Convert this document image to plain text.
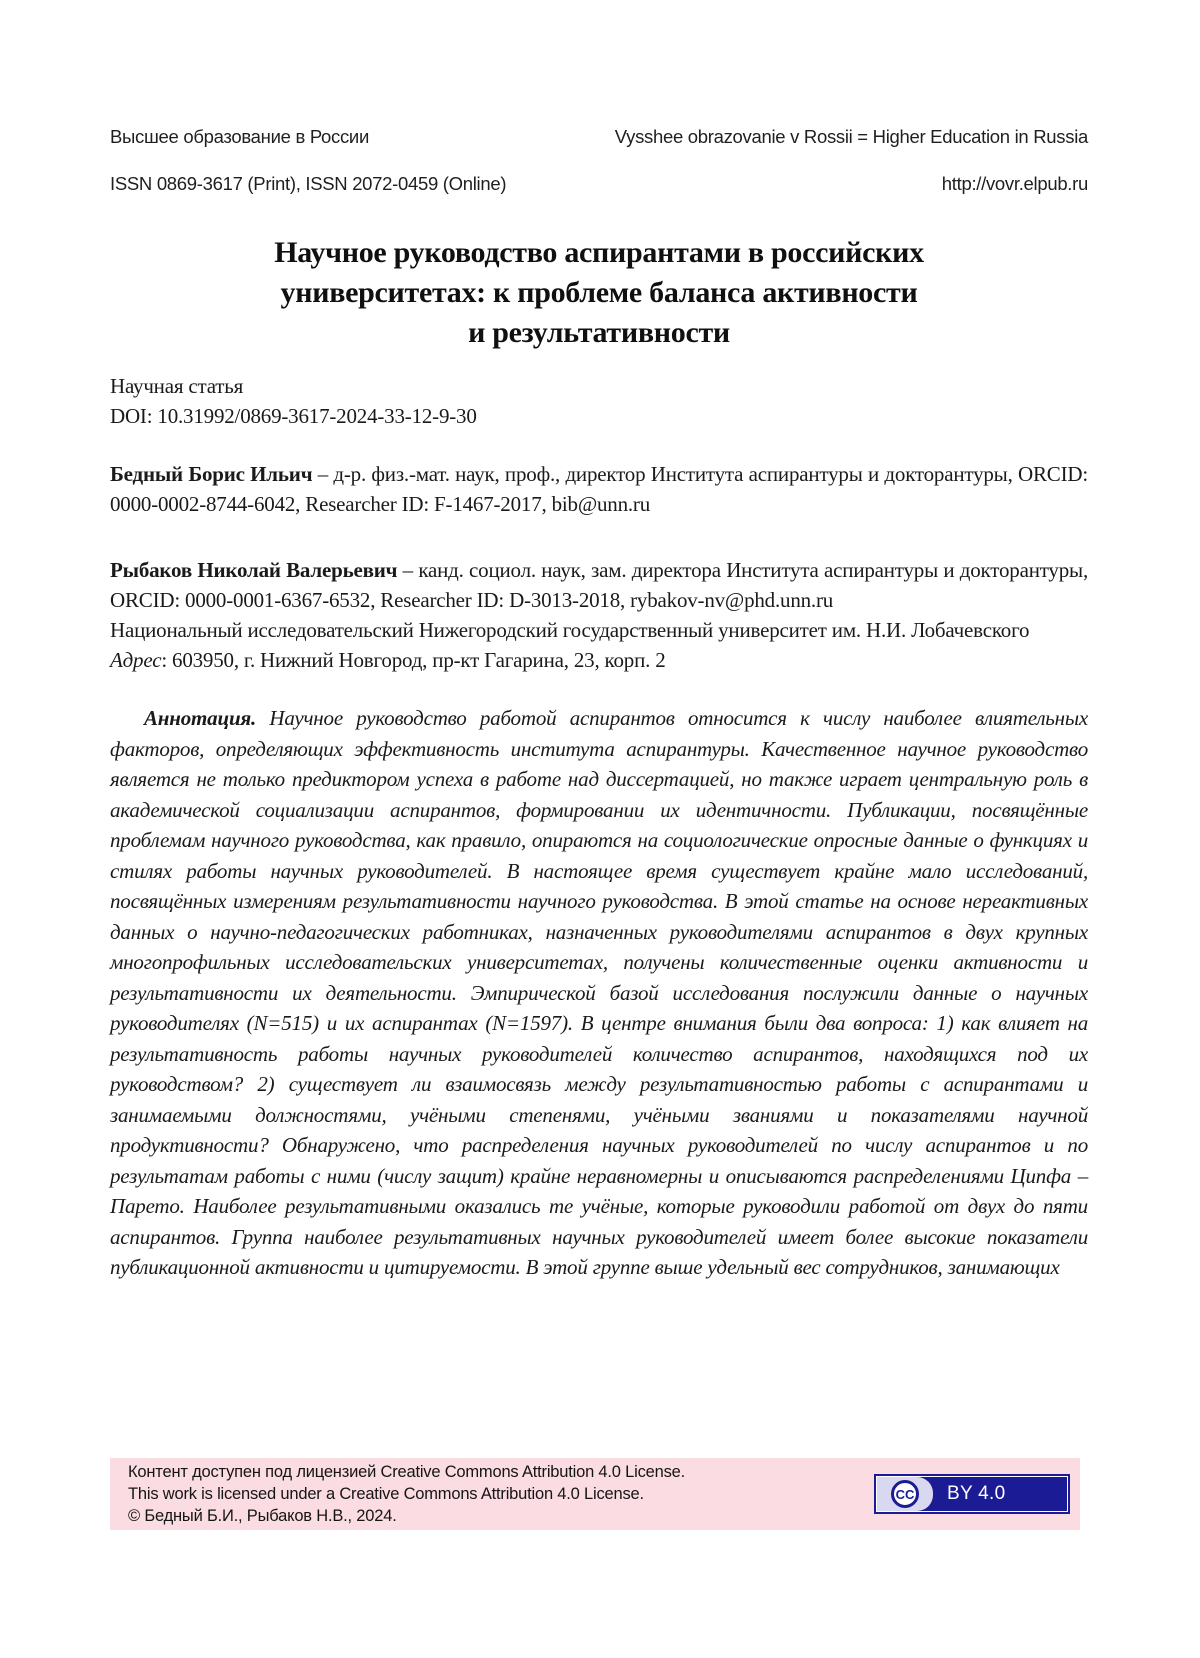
Высшее образование в России	Vysshee obrazovanie v Rossii = Higher Education in Russia
ISSN 0869-3617 (Print), ISSN 2072-0459 (Online)	http://vovr.elpub.ru
Научное руководство аспирантами в российских
университетах: к проблеме баланса активности
и результативности
Научная статья
DOI: 10.31992/0869-3617-2024-33-12-9-30
Бедный Борис Ильич – д-р. физ.-мат. наук, проф., директор Института аспирантуры и докторантуры, ORCID: 0000-0002-8744-6042, Researcher ID: F-1467-2017, bib@unn.ru
Рыбаков Николай Валерьевич – канд. социол. наук, зам. директора Института аспирантуры и докторантуры, ORCID: 0000-0001-6367-6532, Researcher ID: D-3013-2018, rybakov-nv@phd.unn.ru
Национальный исследовательский Нижегородский государственный университет им. Н.И. Лобачевского
Адрес: 603950, г. Нижний Новгород, пр-кт Гагарина, 23, корп. 2
Аннотация. Научное руководство работой аспирантов относится к числу наиболее влиятельных факторов, определяющих эффективность института аспирантуры. Качественное научное руководство является не только предиктором успеха в работе над диссертацией, но также играет центральную роль в академической социализации аспирантов, формировании их идентичности. Публикации, посвящённые проблемам научного руководства, как правило, опираются на социологические опросные данные о функциях и стилях работы научных руководителей. В настоящее время существует крайне мало исследований, посвящённых измерениям результативности научного руководства. В этой статье на основе нереактивных данных о научно-педагогических работниках, назначенных руководителями аспирантов в двух крупных многопрофильных исследовательских университетах, получены количественные оценки активности и результативности их деятельности. Эмпирической базой исследования послужили данные о научных руководителях (N=515) и их аспирантах (N=1597). В центре внимания были два вопроса: 1) как влияет на результативность работы научных руководителей количество аспирантов, находящихся под их руководством? 2) существует ли взаимосвязь между результативностью работы с аспирантами и занимаемыми должностями, учёными степенями, учёными званиями и показателями научной продуктивности? Обнаружено, что распределения научных руководителей по числу аспирантов и по результатам работы с ними (числу защит) крайне неравномерны и описываются распределениями Ципфа – Парето. Наиболее результативными оказались те учёные, которые руководили работой от двух до пяти аспирантов. Группа наиболее результативных научных руководителей имеет более высокие показатели публикационной активности и цитируемости. В этой группе выше удельный вес сотрудников, занимающих
Контент доступен под лицензией Creative Commons Attribution 4.0 License.
This work is licensed under a Creative Commons Attribution 4.0 License.
© Бедный Б.И., Рыбаков Н.В., 2024.
CC	BY 4.0
